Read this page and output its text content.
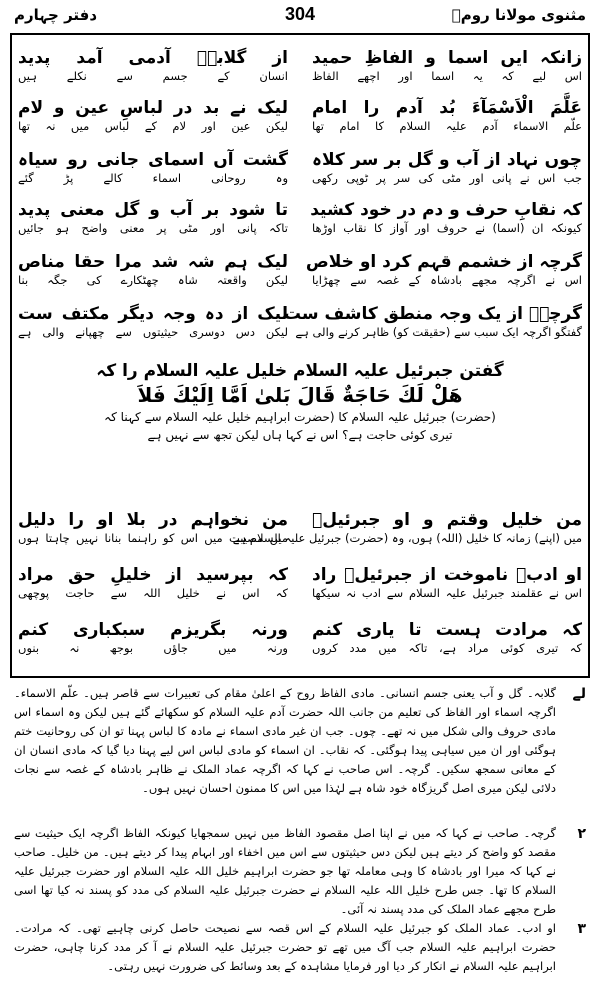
مثنوی مولانا رومؒ
304
دفتر چہارم
زانکہ ایں اسما و الفاظِ حمید
اس لیے کہ یہ اسما اور اچھے الفاظ
از گلابہؔ آدمی آمد پدید
انسان کے جسم سے نکلے ہیں
عَلَّمَ الْاَسْمَآءَ بُد آدم را امام
علّم الاسماء آدم علیہ السلام کا امام تھا
لیک نے بد در لباسِ عین و لام
لیکن عین اور لام کے لباس میں نہ تھا
چوں نہاد از آب و گل بر سر کلاہ
جب اس نے پانی اور مٹی کی سر پر ٹوپی رکھی
گشت آں اسمای جانی رو سیاہ
وہ روحانی اسماء کالے پڑ گئے
کہ نقابِ حرف و دم در خود کشید
کیونکہ ان (اسما) نے حروف اور آواز کا نقاب اوڑھا
تا شود بر آب و گل معنی پدید
تاکہ پانی اور مٹی پر معنی واضح ہو جائیں
گرچہ از خشمم قہم کرد او خلاص
اس نے اگرچہ مجھے بادشاہ کے غصہ سے چھڑایا
لیک ہم شہ شد مرا حقا مناص
لیکن واقعتہ شاہ چھٹکارے کی جگہ بنا
گرچہؔ از یک وجہ منطق کاشف ست
گفتگو اگرچہ ایک سبب سے (حقیقت کو) ظاہر کرنے والی ہے
لیک از دہ وجہ دیگر مکتف ست
لیکن دس دوسری حیثیتوں سے چھپانے والی ہے
گفتن جبرئیل علیہ السلام خلیل علیہ السلام را کہ
هَلْ لَكَ حَاجَةٌ قَالَ بَلىٰ اَمَّا اِلَيْكَ فَلاَ
(حضرت) جبرئیل علیہ السلام کا (حضرت ابراہیم خلیل علیہ السلام سے کہنا کہ
تیری کوئی حاجت ہے؟ اس نے کہا ہاں لیکن تجھ سے نہیں ہے
من خلیل وقتم و او جبرئیلؑ
میں (اپنے) زمانہ کا خلیل (اللہ) ہوں، وہ (حضرت) جبرئیل علیہ السلام ہے
من نخواہم در بلا او را دلیل
میں مصیبت میں اس کو راہنما بنانا نہیں چاہتا ہوں
او ادبؔ ناموخت از جبرئیلؑ راد
اس نے عقلمند جبرئیل علیہ السلام سے ادب نہ سیکھا
کہ بپرسید از خلیلِ حق مراد
کہ اس نے خلیل اللہ سے حاجت پوچھی
کہ مرادت ہست تا یاری کنم
کہ تیری کوئی مراد ہے، تاکہ میں مدد کروں
ورنہ بگریزم سبکباری کنم
ورنہ میں جاؤں بوجھ نہ بنوں
لے
گلابہ۔ گل و آب یعنی جسم انسانی۔ مادی الفاظ روح کے اعلیٰ مقام کی تعبیرات سے قاصر ہیں۔ علّم الاسماء۔ اگرچہ اسماء اور الفاظ کی تعلیم من جانب اللہ حضرت آدم علیہ السلام کو سکھائے گئے ہیں لیکن وہ اسماء اس مادی حروف والی شکل میں نہ تھے۔ چوں۔ جب ان غیر مادی اسماء نے مادہ کا لباس پہنا تو ان کی روحانیت ختم ہوگئی اور ان میں سیاہی پیدا ہوگئی۔ کہ نقاب۔ ان اسماء کو مادی لباس اس لیے پہنا دیا گیا کہ مادی انسان ان کے معانی سمجھ سکیں۔ گرچہ۔ اس صاحب نے کہا کہ اگرچہ عماد الملک نے ظاہر بادشاہ کے غصہ سے نجات دلائی لیکن میری اصل گریزگاہ خود شاہ ہے لہٰذا میں اس کا ممنون احسان نہیں ہوں۔
۲
گرچہ۔ صاحب نے کہا کہ میں نے اپنا اصل مقصود الفاظ میں نہیں سمجھایا کیونکہ الفاظ اگرچہ ایک حیثیت سے مقصد کو واضح کر دیتے ہیں لیکن دس حیثیتوں سے اس میں اخفاء اور ابہام پیدا کر دیتے ہیں۔ من خلیل۔ صاحب نے کہا کہ میرا اور بادشاہ کا وہی معاملہ تھا جو حضرت ابراہیم خلیل اللہ علیہ السلام اور حضرت جبرئیل علیہ السلام کا تھا۔ جس طرح خلیل اللہ علیہ السلام نے حضرت جبرئیل علیہ السلام کی مدد کو پسند نہ کیا تھا اسی طرح مجھے عماد الملک کی مدد پسند نہ آئی۔
۳
او ادب۔ عماد الملک کو جبرئیل علیہ السلام کے اس قصہ سے نصیحت حاصل کرنی چاہیے تھی۔ کہ مرادت۔ حضرت ابراہیم علیہ السلام جب آگ میں تھے تو حضرت جبرئیل علیہ السلام نے آ کر مدد کرنا چاہی، حضرت ابراہیم علیہ السلام نے انکار کر دیا اور فرمایا مشاہدہ کے بعد وسائط کی ضرورت نہیں رہتی۔
